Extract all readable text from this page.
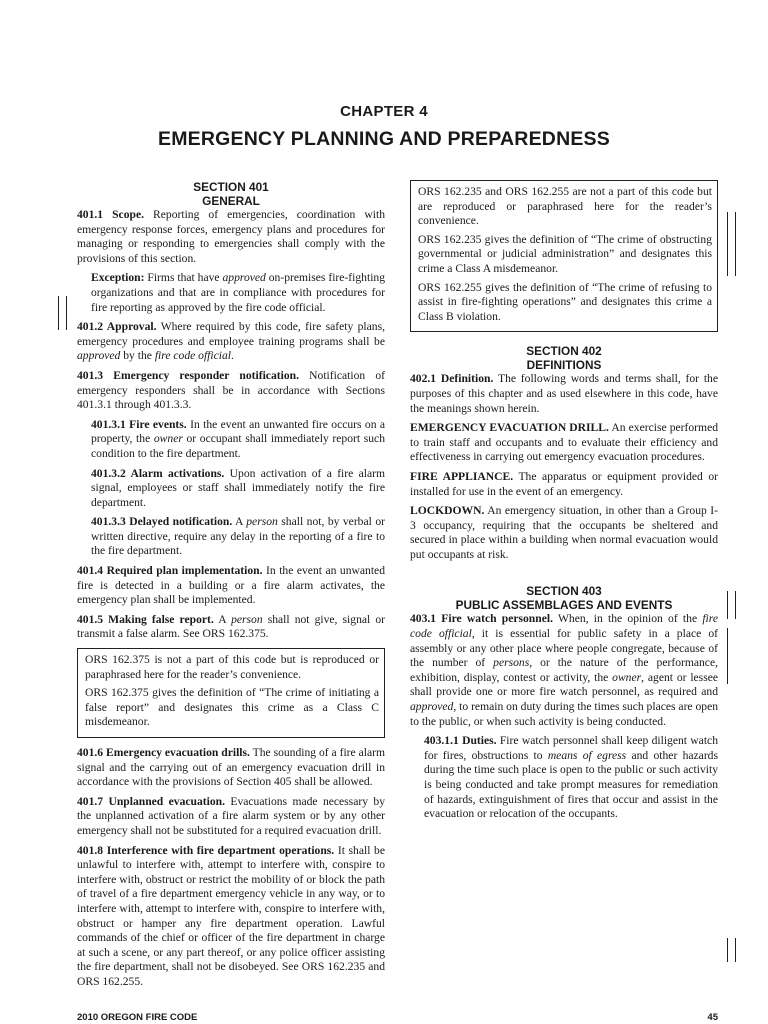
CHAPTER 4
EMERGENCY PLANNING AND PREPAREDNESS
SECTION 401
GENERAL

401.1 Scope. Reporting of emergencies, coordination with emergency response forces, emergency plans and procedures for managing or responding to emergencies shall comply with the provisions of this section.

Exception: Firms that have approved on-premises fire-fighting organizations and that are in compliance with procedures for fire reporting as approved by the fire code official.

401.2 Approval. Where required by this code, fire safety plans, emergency procedures and employee training programs shall be approved by the fire code official.

401.3 Emergency responder notification. Notification of emergency responders shall be in accordance with Sections 401.3.1 through 401.3.3.

401.3.1 Fire events. In the event an unwanted fire occurs on a property, the owner or occupant shall immediately report such condition to the fire department.

401.3.2 Alarm activations. Upon activation of a fire alarm signal, employees or staff shall immediately notify the fire department.

401.3.3 Delayed notification. A person shall not, by verbal or written directive, require any delay in the reporting of a fire to the fire department.

401.4 Required plan implementation. In the event an unwanted fire is detected in a building or a fire alarm activates, the emergency plan shall be implemented.

401.5 Making false report. A person shall not give, signal or transmit a false alarm. See ORS 162.375.

ORS 162.375 is not a part of this code but is reproduced or paraphrased here for the reader’s convenience.

ORS 162.375 gives the definition of “The crime of initiating a false report” and designates this crime as a Class C misdemeanor.

401.6 Emergency evacuation drills. The sounding of a fire alarm signal and the carrying out of an emergency evacuation drill in accordance with the provisions of Section 405 shall be allowed.

401.7 Unplanned evacuation. Evacuations made necessary by the unplanned activation of a fire alarm system or by any other emergency shall not be substituted for a required evacuation drill.

401.8 Interference with fire department operations. It shall be unlawful to interfere with, attempt to interfere with, conspire to interfere with, obstruct or restrict the mobility of or block the path of travel of a fire department emergency vehicle in any way, or to interfere with, attempt to interfere with, conspire to interfere with, obstruct or hamper any fire department operation. Lawful commands of the chief or officer of the fire department in charge at such a scene, or any part thereof, or any police officer assisting the fire department, shall not be disobeyed. See ORS 162.235 and ORS 162.255.

ORS 162.235 and ORS 162.255 are not a part of this code but are reproduced or paraphrased here for the reader’s convenience.

ORS 162.235 gives the definition of “The crime of obstructing governmental or judicial administration” and designates this crime a Class A misdemeanor.

ORS 162.255 gives the definition of “The crime of refusing to assist in fire-fighting operations” and designates this crime a Class B violation.

SECTION 402
DEFINITIONS

402.1 Definition. The following words and terms shall, for the purposes of this chapter and as used elsewhere in this code, have the meanings shown herein.

EMERGENCY EVACUATION DRILL. An exercise performed to train staff and occupants and to evaluate their efficiency and effectiveness in carrying out emergency evacuation procedures.

FIRE APPLIANCE. The apparatus or equipment provided or installed for use in the event of an emergency.

LOCKDOWN. An emergency situation, in other than a Group I-3 occupancy, requiring that the occupants be sheltered and secured in place within a building when normal evacuation would put occupants at risk.

SECTION 403
PUBLIC ASSEMBLAGES AND EVENTS

403.1 Fire watch personnel. When, in the opinion of the fire code official, it is essential for public safety in a place of assembly or any other place where people congregate, because of the number of persons, or the nature of the performance, exhibition, display, contest or activity, the owner, agent or lessee shall provide one or more fire watch personnel, as required and approved, to remain on duty during the times such places are open to the public, or when such activity is being conducted.

403.1.1 Duties. Fire watch personnel shall keep diligent watch for fires, obstructions to means of egress and other hazards during the time such place is open to the public or such activity is being conducted and take prompt measures for remediation of hazards, extinguishment of fires that occur and assist in the evacuation or relocation of the occupants.

2010 OREGON FIRE CODE	45
